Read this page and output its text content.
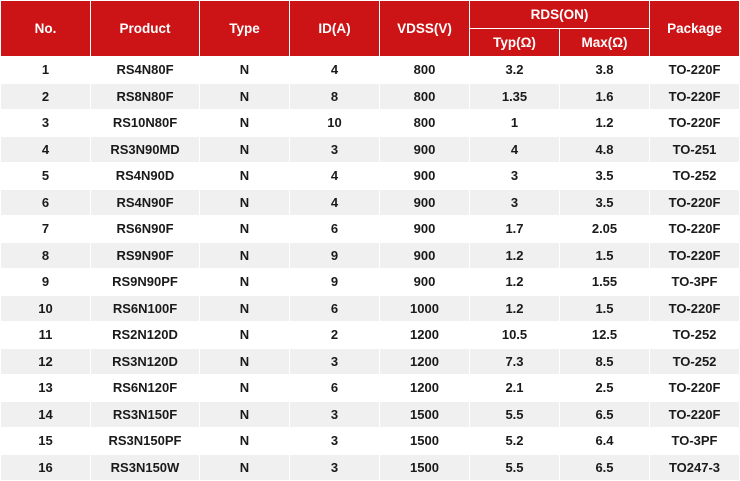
No.	Product	Type	ID(A)	VDSS(V)	RDS(ON)		Package
					Typ(Ω)	Max(Ω)	
1	RS4N80F	N	4	800	3.2	3.8	TO-220F
2	RS8N80F	N	8	800	1.35	1.6	TO-220F
3	RS10N80F	N	10	800	1	1.2	TO-220F
4	RS3N90MD	N	3	900	4	4.8	TO-251
5	RS4N90D	N	4	900	3	3.5	TO-252
6	RS4N90F	N	4	900	3	3.5	TO-220F
7	RS6N90F	N	6	900	1.7	2.05	TO-220F
8	RS9N90F	N	9	900	1.2	1.5	TO-220F
9	RS9N90PF	N	9	900	1.2	1.55	TO-3PF
10	RS6N100F	N	6	1000	1.2	1.5	TO-220F
11	RS2N120D	N	2	1200	10.5	12.5	TO-252
12	RS3N120D	N	3	1200	7.3	8.5	TO-252
13	RS6N120F	N	6	1200	2.1	2.5	TO-220F
14	RS3N150F	N	3	1500	5.5	6.5	TO-220F
15	RS3N150PF	N	3	1500	5.2	6.4	TO-3PF
16	RS3N150W	N	3	1500	5.5	6.5	TO247-3
